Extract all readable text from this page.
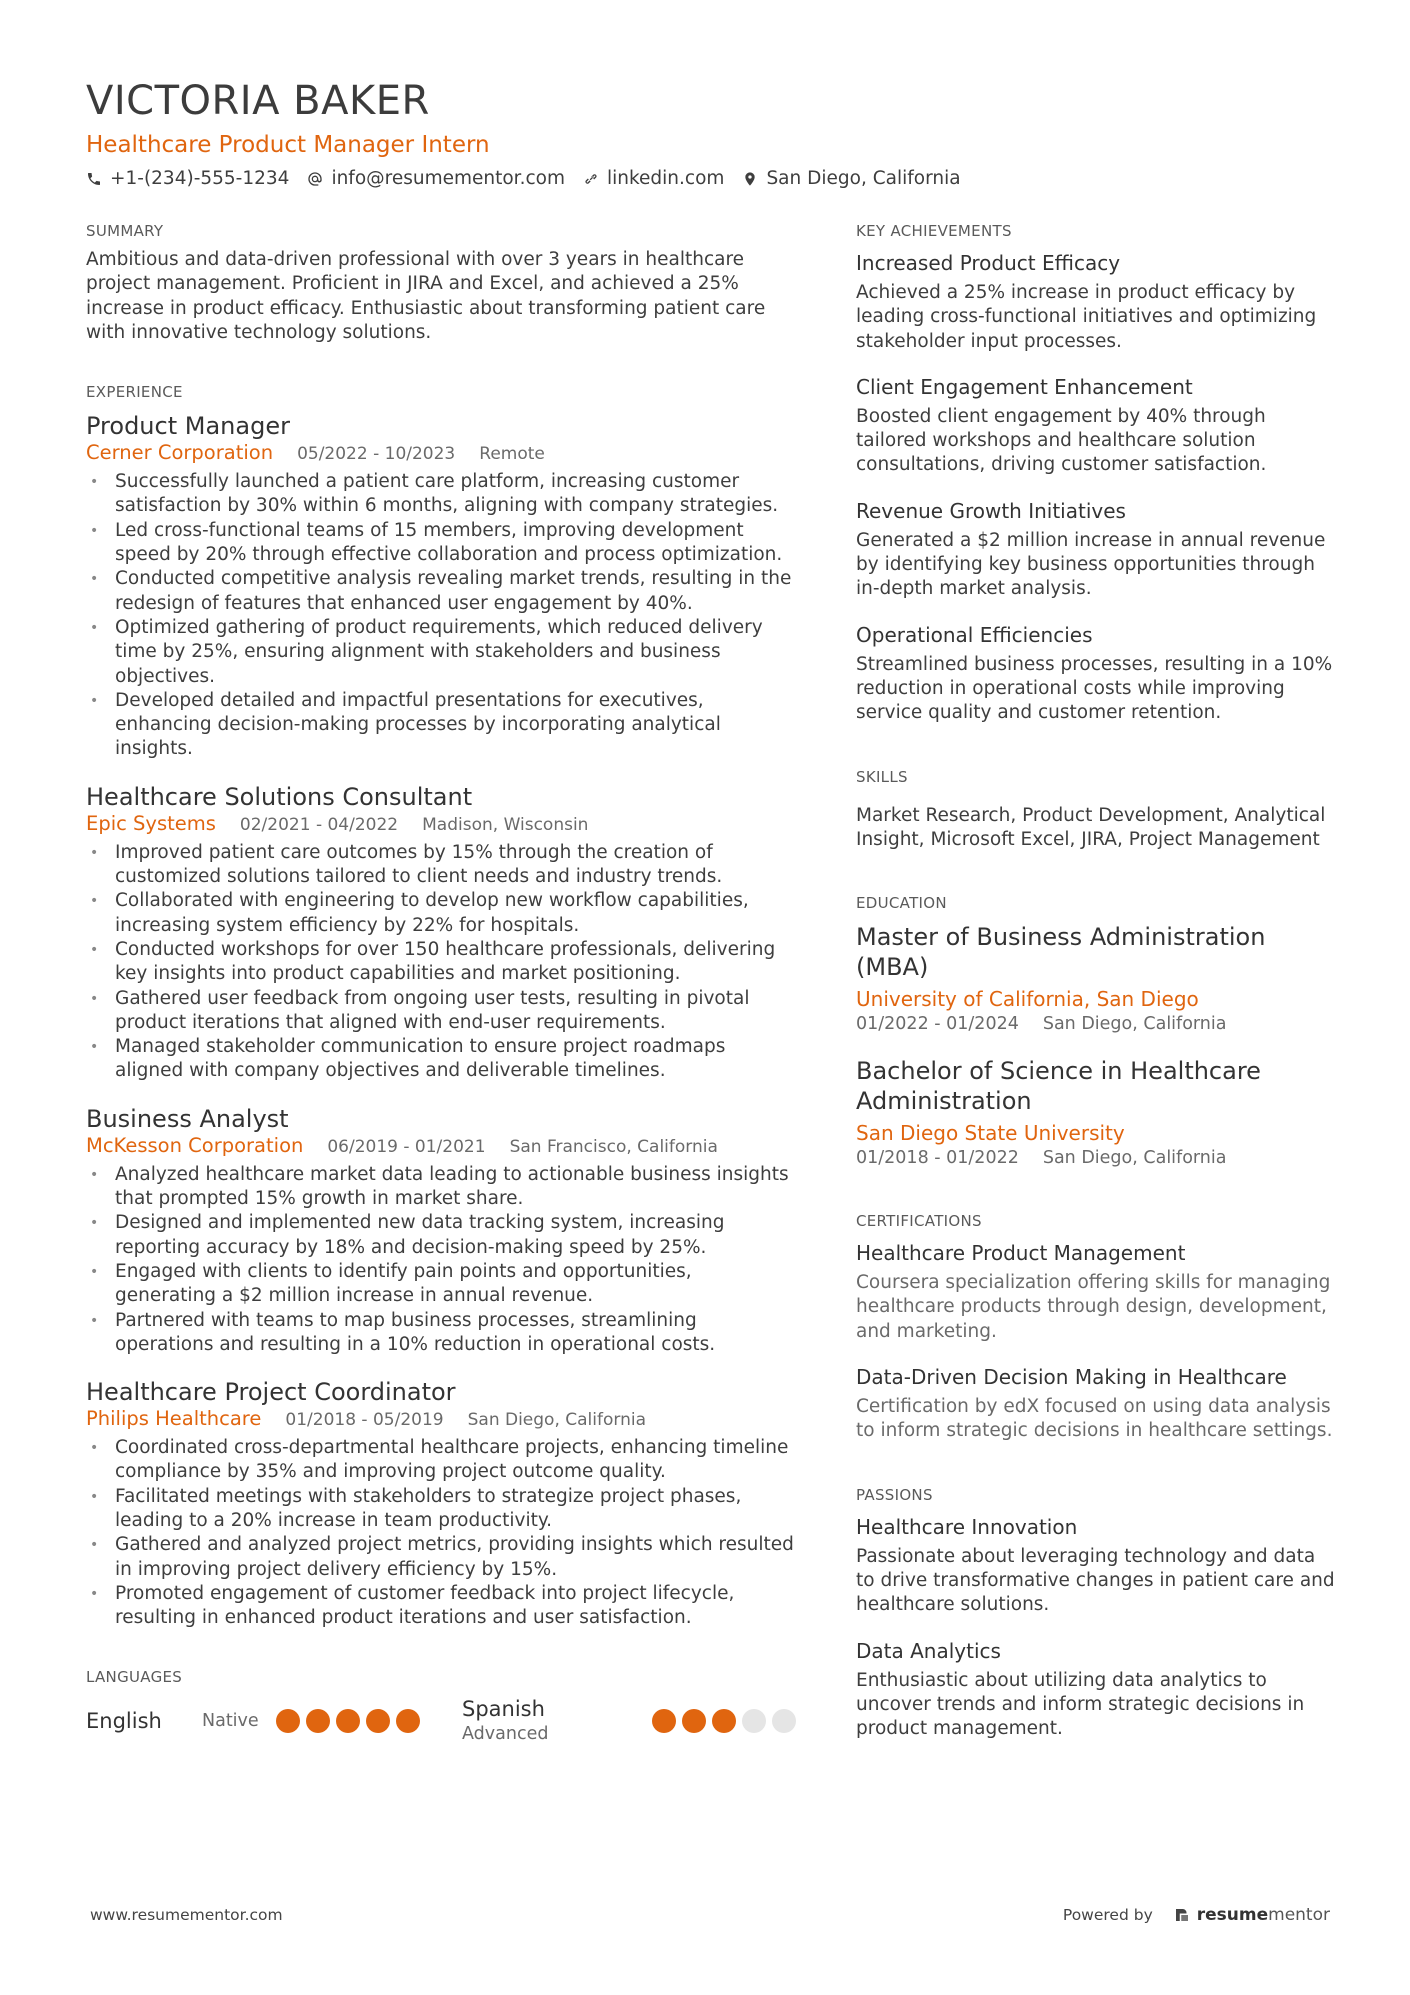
VICTORIA BAKER
Healthcare Product Manager Intern
+1-(234)-555-1234 info@resumementor.com linkedin.com San Diego, California
SUMMARY
Ambitious and data-driven professional with over 3 years in healthcare project management. Proficient in JIRA and Excel, and achieved a 25% increase in product efficacy. Enthusiastic about transforming patient care with innovative technology solutions.
EXPERIENCE
Product Manager
Cerner Corporation 05/2022 - 10/2023 Remote
• Successfully launched a patient care platform, increasing customer satisfaction by 30% within 6 months, aligning with company strategies.
• Led cross-functional teams of 15 members, improving development speed by 20% through effective collaboration and process optimization.
• Conducted competitive analysis revealing market trends, resulting in the redesign of features that enhanced user engagement by 40%.
• Optimized gathering of product requirements, which reduced delivery time by 25%, ensuring alignment with stakeholders and business objectives.
• Developed detailed and impactful presentations for executives, enhancing decision-making processes by incorporating analytical insights.
Healthcare Solutions Consultant
Epic Systems 02/2021 - 04/2022 Madison, Wisconsin
• Improved patient care outcomes by 15% through the creation of customized solutions tailored to client needs and industry trends.
• Collaborated with engineering to develop new workflow capabilities, increasing system efficiency by 22% for hospitals.
• Conducted workshops for over 150 healthcare professionals, delivering key insights into product capabilities and market positioning.
• Gathered user feedback from ongoing user tests, resulting in pivotal product iterations that aligned with end-user requirements.
• Managed stakeholder communication to ensure project roadmaps aligned with company objectives and deliverable timelines.
Business Analyst
McKesson Corporation 06/2019 - 01/2021 San Francisco, California
• Analyzed healthcare market data leading to actionable business insights that prompted 15% growth in market share.
• Designed and implemented new data tracking system, increasing reporting accuracy by 18% and decision-making speed by 25%.
• Engaged with clients to identify pain points and opportunities, generating a $2 million increase in annual revenue.
• Partnered with teams to map business processes, streamlining operations and resulting in a 10% reduction in operational costs.
Healthcare Project Coordinator
Philips Healthcare 01/2018 - 05/2019 San Diego, California
• Coordinated cross-departmental healthcare projects, enhancing timeline compliance by 35% and improving project outcome quality.
• Facilitated meetings with stakeholders to strategize project phases, leading to a 20% increase in team productivity.
• Gathered and analyzed project metrics, providing insights which resulted in improving project delivery efficiency by 15%.
• Promoted engagement of customer feedback into project lifecycle, resulting in enhanced product iterations and user satisfaction.
LANGUAGES
English	Native	Spanish
Advanced
KEY ACHIEVEMENTS
Increased Product Efficacy
Achieved a 25% increase in product efficacy by leading cross-functional initiatives and optimizing stakeholder input processes.
Client Engagement Enhancement
Boosted client engagement by 40% through tailored workshops and healthcare solution consultations, driving customer satisfaction.
Revenue Growth Initiatives
Generated a $2 million increase in annual revenue by identifying key business opportunities through in-depth market analysis.
Operational Efficiencies
Streamlined business processes, resulting in a 10% reduction in operational costs while improving service quality and customer retention.
SKILLS
Market Research, Product Development, Analytical Insight, Microsoft Excel, JIRA, Project Management
EDUCATION
Master of Business Administration (MBA)
University of California, San Diego
01/2022 - 01/2024 San Diego, California
Bachelor of Science in Healthcare Administration
San Diego State University
01/2018 - 01/2022 San Diego, California
CERTIFICATIONS
Healthcare Product Management
Coursera specialization offering skills for managing healthcare products through design, development, and marketing.
Data-Driven Decision Making in Healthcare
Certification by edX focused on using data analysis to inform strategic decisions in healthcare settings.
PASSIONS
Healthcare Innovation
Passionate about leveraging technology and data to drive transformative changes in patient care and healthcare solutions.
Data Analytics
Enthusiastic about utilizing data analytics to uncover trends and inform strategic decisions in product management.
www.resumementor.com	Powered by	resumementor
